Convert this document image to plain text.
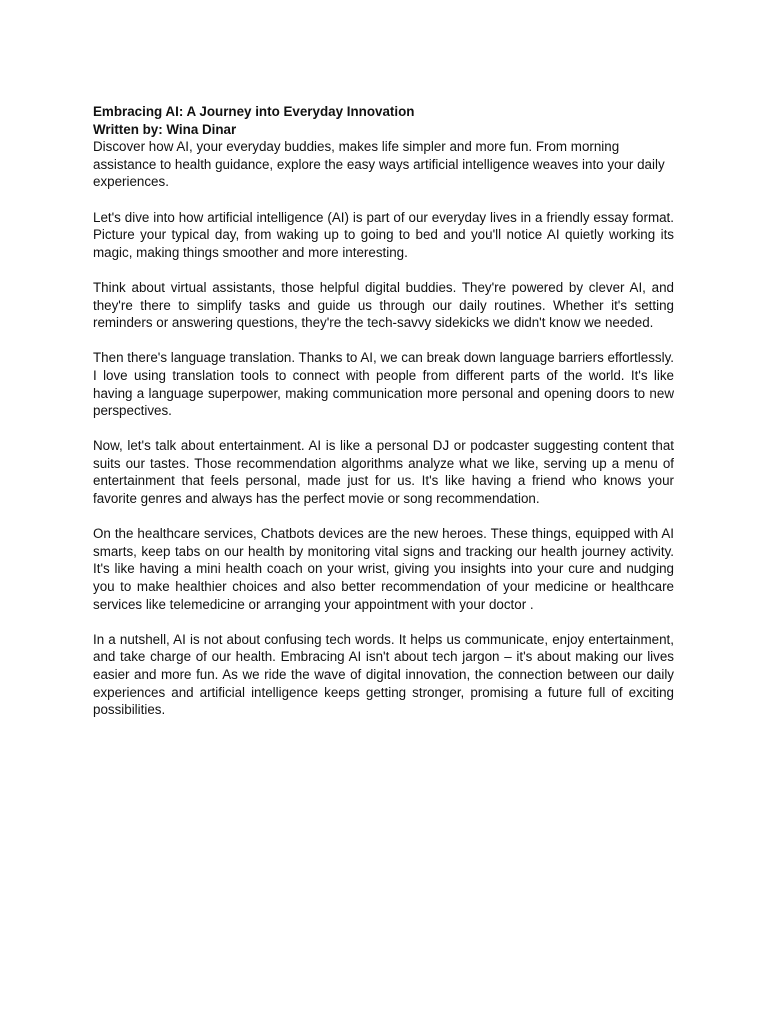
Embracing AI: A Journey into Everyday Innovation

Written by: Wina Dinar

Discover how AI, your everyday buddies, makes life simpler and more fun. From morning assistance to health guidance, explore the easy ways artificial intelligence weaves into your daily experiences.

Let's dive into how artificial intelligence (AI) is part of our everyday lives in a friendly essay format. Picture your typical day, from waking up to going to bed and you'll notice AI quietly working its magic, making things smoother and more interesting.

Think about virtual assistants, those helpful digital buddies. They're powered by clever AI, and they're there to simplify tasks and guide us through our daily routines. Whether it's setting reminders or answering questions, they're the tech-savvy sidekicks we didn't know we needed.

Then there's language translation. Thanks to AI, we can break down language barriers effortlessly. I love using translation tools to connect with people from different parts of the world. It's like having a language superpower, making communication more personal and opening doors to new perspectives.

Now, let's talk about entertainment. AI is like a personal DJ or podcaster suggesting content that suits our tastes. Those recommendation algorithms analyze what we like, serving up a menu of entertainment that feels personal, made just for us. It's like having a friend who knows your favorite genres and always has the perfect movie or song recommendation.

On the healthcare services, Chatbots devices are the new heroes. These things, equipped with AI smarts, keep tabs on our health by monitoring vital signs and tracking our health journey activity. It's like having a mini health coach on your wrist, giving you insights into your cure and nudging you to make healthier choices and also better recommendation of your medicine or healthcare services like telemedicine or arranging your appointment with your doctor .

In a nutshell, AI is not about confusing tech words. It helps us communicate, enjoy entertainment, and take charge of our health. Embracing AI isn't about tech jargon – it's about making our lives easier and more fun. As we ride the wave of digital innovation, the connection between our daily experiences and artificial intelligence keeps getting stronger, promising a future full of exciting possibilities.
